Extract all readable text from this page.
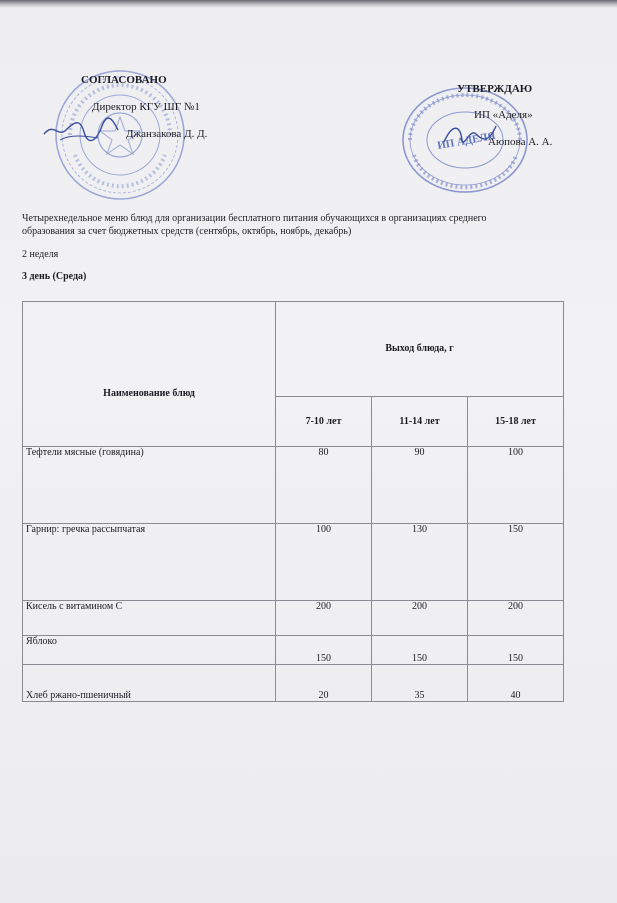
ИП АДЕЛЯ
СОГЛАСОВАНО
Директор КГУ ШГ №1
Джанзакова Д. Д.
УТВЕРЖДАЮ
ИП «Аделя»
Аюпова А. А.
Четырехнедельное меню блюд для организации бесплатного питания обучающихся в организациях среднего
образования за счет бюджетных средств (сентябрь, октябрь, ноябрь, декабрь)
2 неделя
3 день (Среда)
Наименование блюд	Выход блюда, г		
	7-10 лет	11-14 лет	15-18 лет
Тефтели мясные (говядина)	80	90	100
Гарнир: гречка рассыпчатая	100	130	150
Кисель с витамином С	200	200	200
Яблоко	150	150	150
Хлеб ржано-пшеничный	20	35	40
